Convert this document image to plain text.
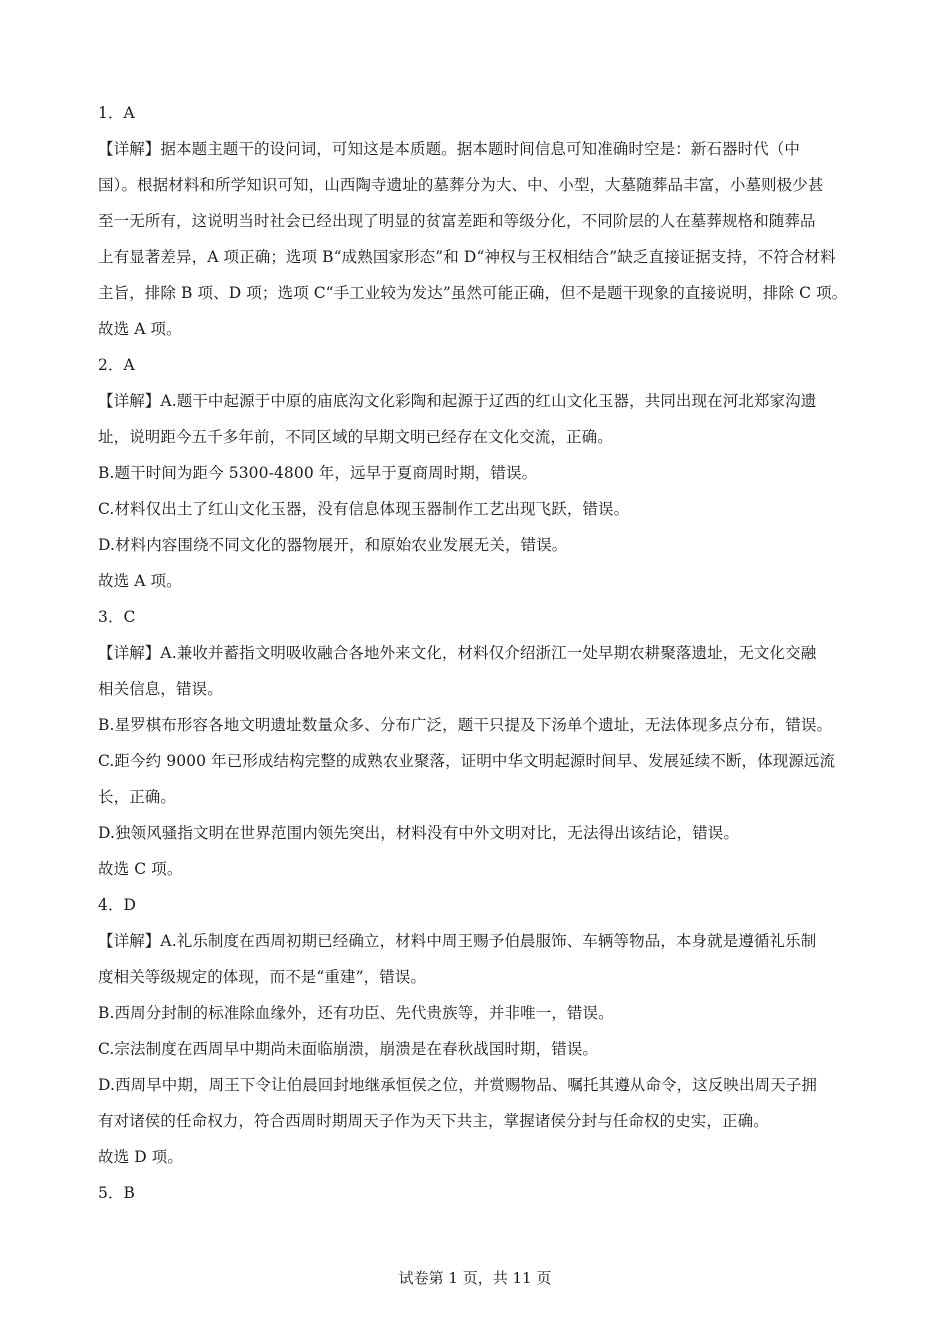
1．A
【详解】据本题主题干的设问词，可知这是本质题。据本题时间信息可知准确时空是：新石器时代（中
国）。根据材料和所学知识可知，山西陶寺遗址的墓葬分为大、中、小型，大墓随葬品丰富，小墓则极少甚
至一无所有，这说明当时社会已经出现了明显的贫富差距和等级分化，不同阶层的人在墓葬规格和随葬品
上有显著差异，A 项正确；选项 B“成熟国家形态”和 D“神权与王权相结合”缺乏直接证据支持，不符合材料
主旨，排除 B 项、D 项；选项 C“手工业较为发达”虽然可能正确，但不是题干现象的直接说明，排除 C 项。
故选 A 项。
2．A
【详解】A.题干中起源于中原的庙底沟文化彩陶和起源于辽西的红山文化玉器，共同出现在河北郑家沟遗
址，说明距今五千多年前，不同区域的早期文明已经存在文化交流，正确。
B.题干时间为距今 5300-4800 年，远早于夏商周时期，错误。
C.材料仅出土了红山文化玉器，没有信息体现玉器制作工艺出现飞跃，错误。
D.材料内容围绕不同文化的器物展开，和原始农业发展无关，错误。
故选 A 项。
3．C
【详解】A.兼收并蓄指文明吸收融合各地外来文化，材料仅介绍浙江一处早期农耕聚落遗址，无文化交融
相关信息，错误。
B.星罗棋布形容各地文明遗址数量众多、分布广泛，题干只提及下汤单个遗址，无法体现多点分布，错误。
C.距今约 9000 年已形成结构完整的成熟农业聚落，证明中华文明起源时间早、发展延续不断，体现源远流
长，正确。
D.独领风骚指文明在世界范围内领先突出，材料没有中外文明对比，无法得出该结论，错误。
故选 C 项。
4．D
【详解】A.礼乐制度在西周初期已经确立，材料中周王赐予伯晨服饰、车辆等物品，本身就是遵循礼乐制
度相关等级规定的体现，而不是“重建”，错误。
B.西周分封制的标准除血缘外，还有功臣、先代贵族等，并非唯一，错误。
C.宗法制度在西周早中期尚未面临崩溃，崩溃是在春秋战国时期，错误。
D.西周早中期，周王下令让伯晨回封地继承恒侯之位，并赏赐物品、嘱托其遵从命令，这反映出周天子拥
有对诸侯的任命权力，符合西周时期周天子作为天下共主，掌握诸侯分封与任命权的史实，正确。
故选 D 项。
5．B
试卷第 1 页，共 11 页
